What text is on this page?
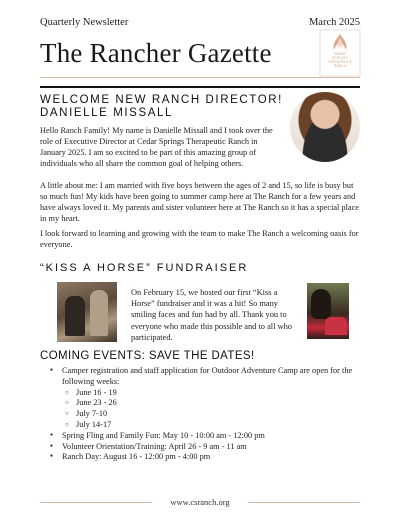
Quarterly Newsletter	March 2025
The Rancher Gazette	CEDAR
SPRINGS
THERAPEUTIC
RANCH
WELCOME NEW RANCH DIRECTOR! DANIELLE MISSALL
Hello Ranch Family! My name is Danielle Missall and I took over the role of Executive Director at Cedar Springs Therapeutic Ranch in January 2025. I am so excited to be part of this amazing group of individuals who all share the common goal of helping others.
A little about me: I am married with five boys between the ages of 2 and 15, so life is busy but so much fun! My kids have been going to summer camp here at The Ranch for a few years and have always loved it. My parents and sister volunteer here at The Ranch so it has a special place in my heart.
I look forward to learning and growing with the team to make The Ranch a welcoming oasis for everyone.
“KISS A HORSE” FUNDRAISER
On February 15, we hosted our first “Kiss a Horse” fundraiser and it was a hit! So many smiling faces and fun had by all. Thank you to everyone who made this possible and to all who participated.
COMING EVENTS: SAVE THE DATES!
● Camper registration and staff application for Outdoor Adventure Camp are open for the following weeks:
○ June 16 - 19
○ June 23 - 26
○ July 7-10
○ July 14-17
● Spring Fling and Family Fun: May 10 - 10:00 am - 12:00 pm
● Volunteer Orientation/Training: April 26 - 9 am - 11 am
● Ranch Day: August 16 - 12:00 pm - 4:00 pm
www.csranch.org
